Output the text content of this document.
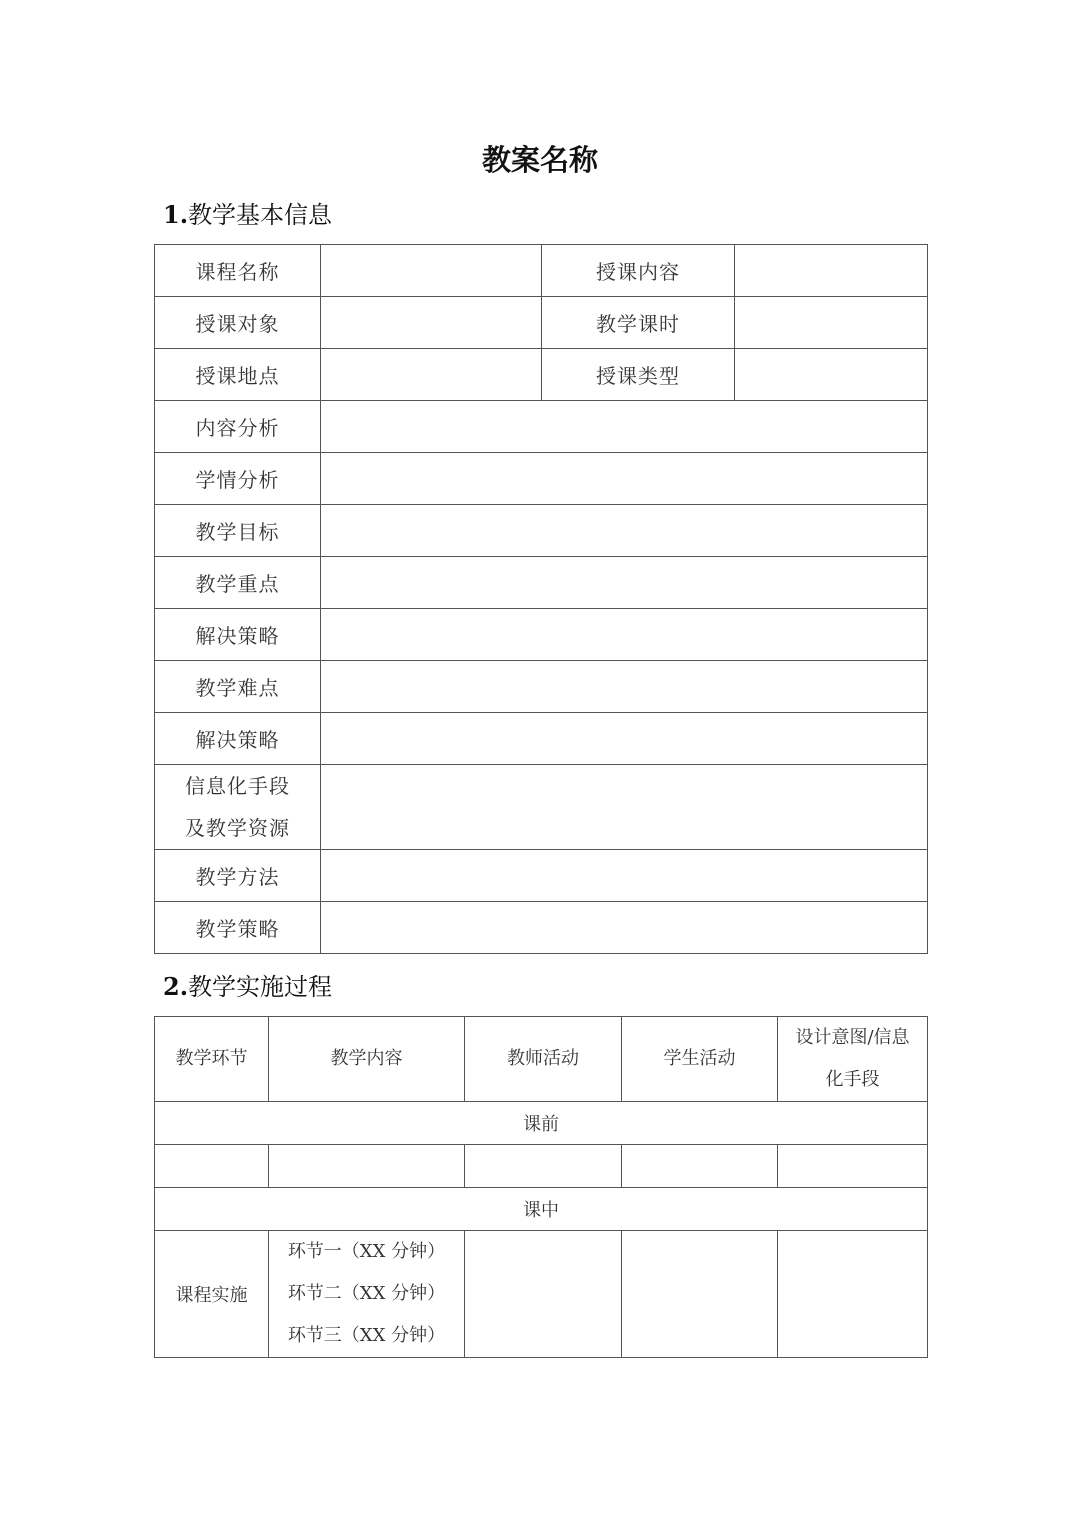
教案名称
1.教学基本信息
课程名称		授课内容	
授课对象		教学课时	
授课地点		授课类型	
内容分析			
学情分析			
教学目标			
教学重点			
解决策略			
教学难点			
解决策略			

信息化手段
及教学资源			

教学方法			
教学策略			
2.教学实施过程
教学环节	教学内容	教师活动	学生活动	设计意图/信息
化手段

课前				

课中				
课程实施	环节一（XX 分钟）
环节二（XX 分钟）
环节三（XX 分钟）			
